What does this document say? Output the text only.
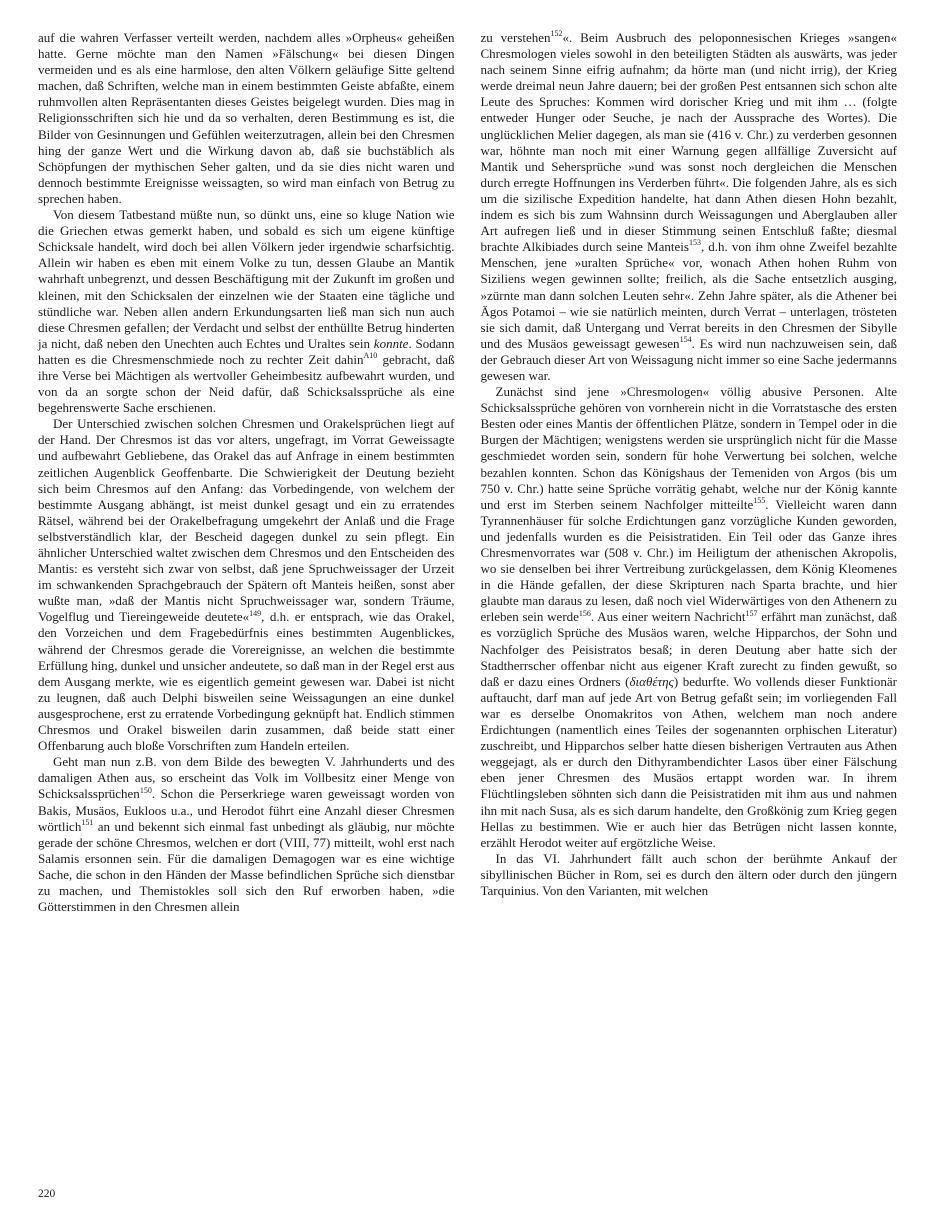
auf die wahren Verfasser verteilt werden, nachdem alles »Orpheus« geheißen hatte. Gerne möchte man den Namen »Fälschung« bei diesen Dingen vermeiden und es als eine harmlose, den alten Völkern geläufige Sitte geltend machen, daß Schriften, welche man in einem bestimmten Geiste abfaßte, einem ruhmvollen alten Repräsentanten dieses Geistes beigelegt wurden. Dies mag in Religionsschriften sich hie und da so verhalten, deren Bestimmung es ist, die Bilder von Gesinnungen und Gefühlen weiterzutragen, allein bei den Chresmen hing der ganze Wert und die Wirkung davon ab, daß sie buchstäblich als Schöpfungen der mythischen Seher galten, und da sie dies nicht waren und dennoch bestimmte Ereignisse weissagten, so wird man einfach von Betrug zu sprechen haben.

Von diesem Tatbestand müßte nun, so dünkt uns, eine so kluge Nation wie die Griechen etwas gemerkt haben, und sobald es sich um eigene künftige Schicksale handelt, wird doch bei allen Völkern jeder irgendwie scharfsichtig. Allein wir haben es eben mit einem Volke zu tun, dessen Glaube an Mantik wahrhaft unbegrenzt, und dessen Beschäftigung mit der Zukunft im großen und kleinen, mit den Schicksalen der einzelnen wie der Staaten eine tägliche und stündliche war. Neben allen andern Erkundungsarten ließ man sich nun auch diese Chresmen gefallen; der Verdacht und selbst der enthüllte Betrug hinderten ja nicht, daß neben den Unechten auch Echtes und Uraltes sein konnte. Sodann hatten es die Chresmenschmiede noch zu rechter Zeit dahin$^{A10}$ gebracht, daß ihre Verse bei Mächtigen als wertvoller Geheimbesitz aufbewahrt wurden, und von da an sorgte schon der Neid dafür, daß Schicksalssprüche als eine begehrenswerte Sache erschienen.

Der Unterschied zwischen solchen Chresmen und Orakelsprüchen liegt auf der Hand. Der Chresmos ist das vor alters, ungefragt, im Vorrat Geweissagte und aufbewahrt Gebliebene, das Orakel das auf Anfrage in einem bestimmten zeitlichen Augenblick Geoffenbarte. Die Schwierigkeit der Deutung bezieht sich beim Chresmos auf den Anfang: das Vorbedingende, von welchem der bestimmte Ausgang abhängt, ist meist dunkel gesagt und ein zu erratendes Rätsel, während bei der Orakelbefragung umgekehrt der Anlaß und die Frage selbstverständlich klar, der Bescheid dagegen dunkel zu sein pflegt. Ein ähnlicher Unterschied waltet zwischen dem Chresmos und den Entscheiden des Mantis: es versteht sich zwar von selbst, daß jene Spruchweissager der Urzeit im schwankenden Sprachgebrauch der Spätern oft Manteis heißen, sonst aber wußte man, »daß der Mantis nicht Spruchweissager war, sondern Träume, Vogelflug und Tiereingeweide deutete«$^{149}$, d.h. er entsprach, wie das Orakel, den Vorzeichen und dem Fragebedürfnis eines bestimmten Augenblickes, während der Chresmos gerade die Vorereignisse, an welchen die bestimmte Erfüllung hing, dunkel und unsicher andeutete, so daß man in der Regel erst aus dem Ausgang merkte, wie es eigentlich gemeint gewesen war. Dabei ist nicht zu leugnen, daß auch Delphi bisweilen seine Weissagungen an eine dunkel ausgesprochene, erst zu erratende Vorbedingung geknüpft hat. Endlich stimmen Chresmos und Orakel bisweilen darin zusammen, daß beide statt einer Offenbarung auch bloße Vorschriften zum Handeln erteilen.

Geht man nun z.B. von dem Bilde des bewegten V. Jahrhunderts und des damaligen Athen aus, so erscheint das Volk im Vollbesitz einer Menge von Schicksalssprüchen$^{150}$. Schon die Perserkriege waren geweissagt worden von Bakis, Musäos, Eukloos u.a., und Herodot führt eine Anzahl dieser Chresmen wörtlich$^{151}$ an und bekennt sich einmal fast unbedingt als gläubig, nur möchte gerade der schöne Chresmos, welchen er dort (VIII, 77) mitteilt, wohl erst nach Salamis ersonnen sein. Für die damaligen Demagogen war es eine wichtige Sache, die schon in den Händen der Masse befindlichen Sprüche sich dienstbar zu machen, und Themistokles soll sich den Ruf erworben haben, »die Götterstimmen in den Chresmen allein

zu verstehen$^{152}$«. Beim Ausbruch des peloponnesischen Krieges »sangen« Chresmologen vieles sowohl in den beteiligten Städten als auswärts, was jeder nach seinem Sinne eifrig aufnahm; da hörte man (und nicht irrig), der Krieg werde dreimal neun Jahre dauern; bei der großen Pest entsannen sich schon alte Leute des Spruches: Kommen wird dorischer Krieg und mit ihm … (folgte entweder Hunger oder Seuche, je nach der Aussprache des Wortes). Die unglücklichen Melier dagegen, als man sie (416 v. Chr.) zu verderben gesonnen war, höhnte man noch mit einer Warnung gegen allfällige Zuversicht auf Mantik und Sehersprüche »und was sonst noch dergleichen die Menschen durch erregte Hoffnungen ins Verderben führt«. Die folgenden Jahre, als es sich um die sizilische Expedition handelte, hat dann Athen diesen Hohn bezahlt, indem es sich bis zum Wahnsinn durch Weissagungen und Aberglauben aller Art aufregen ließ und in dieser Stimmung seinen Entschluß faßte; diesmal brachte Alkibiades durch seine Manteis$^{153}$, d.h. von ihm ohne Zweifel bezahlte Menschen, jene »uralten Sprüche« vor, wonach Athen hohen Ruhm von Siziliens wegen gewinnen sollte; freilich, als die Sache entsetzlich ausging, »zürnte man dann solchen Leuten sehr«. Zehn Jahre später, als die Athener bei Ägos Potamoi – wie sie natürlich meinten, durch Verrat – unterlagen, trösteten sie sich damit, daß Untergang und Verrat bereits in den Chresmen der Sibylle und des Musäos geweissagt gewesen$^{154}$. Es wird nun nachzuweisen sein, daß der Gebrauch dieser Art von Weissagung nicht immer so eine Sache jedermanns gewesen war.

Zunächst sind jene »Chresmologen« völlig abusive Personen. Alte Schicksalssprüche gehören von vornherein nicht in die Vorratstasche des ersten Besten oder eines Mantis der öffentlichen Plätze, sondern in Tempel oder in die Burgen der Mächtigen; wenigstens werden sie ursprünglich nicht für die Masse geschmiedet worden sein, sondern für hohe Verwertung bei solchen, welche bezahlen konnten. Schon das Königshaus der Temeniden von Argos (bis um 750 v. Chr.) hatte seine Sprüche vorrätig gehabt, welche nur der König kannte und erst im Sterben seinem Nachfolger mitteilte$^{155}$. Vielleicht waren dann Tyrannenhäuser für solche Erdichtungen ganz vorzügliche Kunden geworden, und jedenfalls wurden es die Peisistratiden. Ein Teil oder das Ganze ihres Chresmenvorrates war (508 v. Chr.) im Heiligtum der athenischen Akropolis, wo sie denselben bei ihrer Vertreibung zurückgelassen, dem König Kleomenes in die Hände gefallen, der diese Skripturen nach Sparta brachte, und hier glaubte man daraus zu lesen, daß noch viel Widerwärtiges von den Athenern zu erleben sein werde$^{156}$. Aus einer weitern Nachricht$^{157}$ erfährt man zunächst, daß es vorzüglich Sprüche des Musäos waren, welche Hipparchos, der Sohn und Nachfolger des Peisistratos besaß; in deren Deutung aber hatte sich der Stadtherrscher offenbar nicht aus eigener Kraft zurecht zu finden gewußt, so daß er dazu eines Ordners (διαθέτης) bedurfte. Wo vollends dieser Funktionär auftaucht, darf man auf jede Art von Betrug gefaßt sein; im vorliegenden Fall war es derselbe Onomakritos von Athen, welchem man noch andere Erdichtungen (namentlich eines Teiles der sogenannten orphischen Literatur) zuschreibt, und Hipparchos selber hatte diesen bisherigen Vertrauten aus Athen weggejagt, als er durch den Dithyrambendichter Lasos über einer Fälschung eben jener Chresmen des Musäos ertappt worden war. In ihrem Flüchtlingsleben söhnten sich dann die Peisistratiden mit ihm aus und nahmen ihn mit nach Susa, als es sich darum handelte, den Großkönig zum Krieg gegen Hellas zu bestimmen. Wie er auch hier das Betrügen nicht lassen konnte, erzählt Herodot weiter auf ergötzliche Weise.

In das VI. Jahrhundert fällt auch schon der berühmte Ankauf der sibyllinischen Bücher in Rom, sei es durch den ältern oder durch den jüngern Tarquinius. Von den Varianten, mit welchen

220
